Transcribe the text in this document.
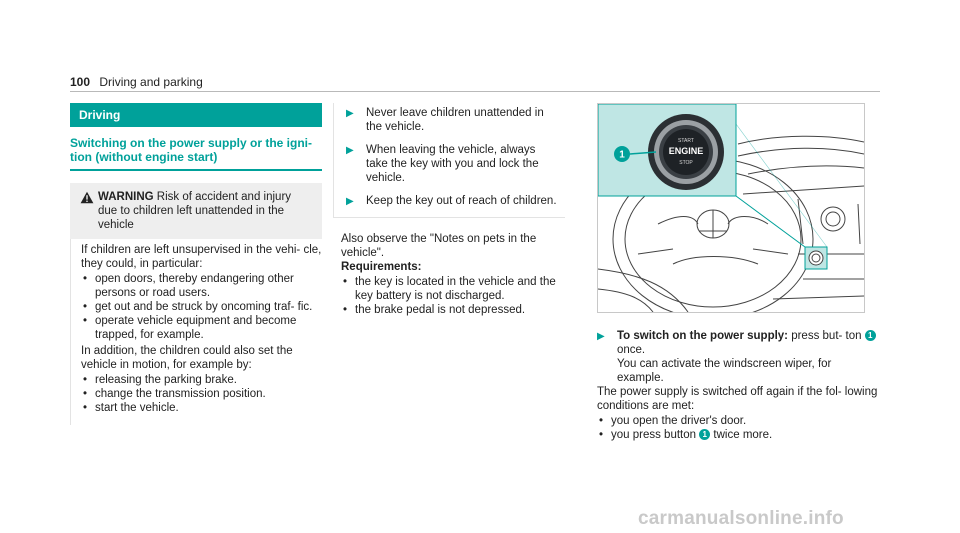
100 Driving and parking
Driving
Switching on the power supply or the igni- tion (without engine start)
WARNING Risk of accident and injury due to children left unattended in the vehicle

If children are left unsupervised in the vehi- cle, they could, in particular:

• open doors, thereby endangering other persons or road users.
• get out and be struck by oncoming traf- fic.
• operate vehicle equipment and become trapped, for example.

In addition, the children could also set the vehicle in motion, for example by:

• releasing the parking brake.
• change the transmission position.
• start the vehicle.
▶	Never leave children unattended in the vehicle.
▶	When leaving the vehicle, always take the key with you and lock the vehicle.
▶	Keep the key out of reach of children.

Also observe the "Notes on pets in the vehicle".

Requirements:

• the key is located in the vehicle and the key battery is not discharged.
• the brake pedal is not depressed.
START
ENGINE
STOP
1
▶	To switch on the power supply: press but- ton 1 once.
You can activate the windscreen wiper, for example.

The power supply is switched off again if the fol- lowing conditions are met:

• you open the driver's door.
• you press button 1 twice more.
carmanualsonline.info
